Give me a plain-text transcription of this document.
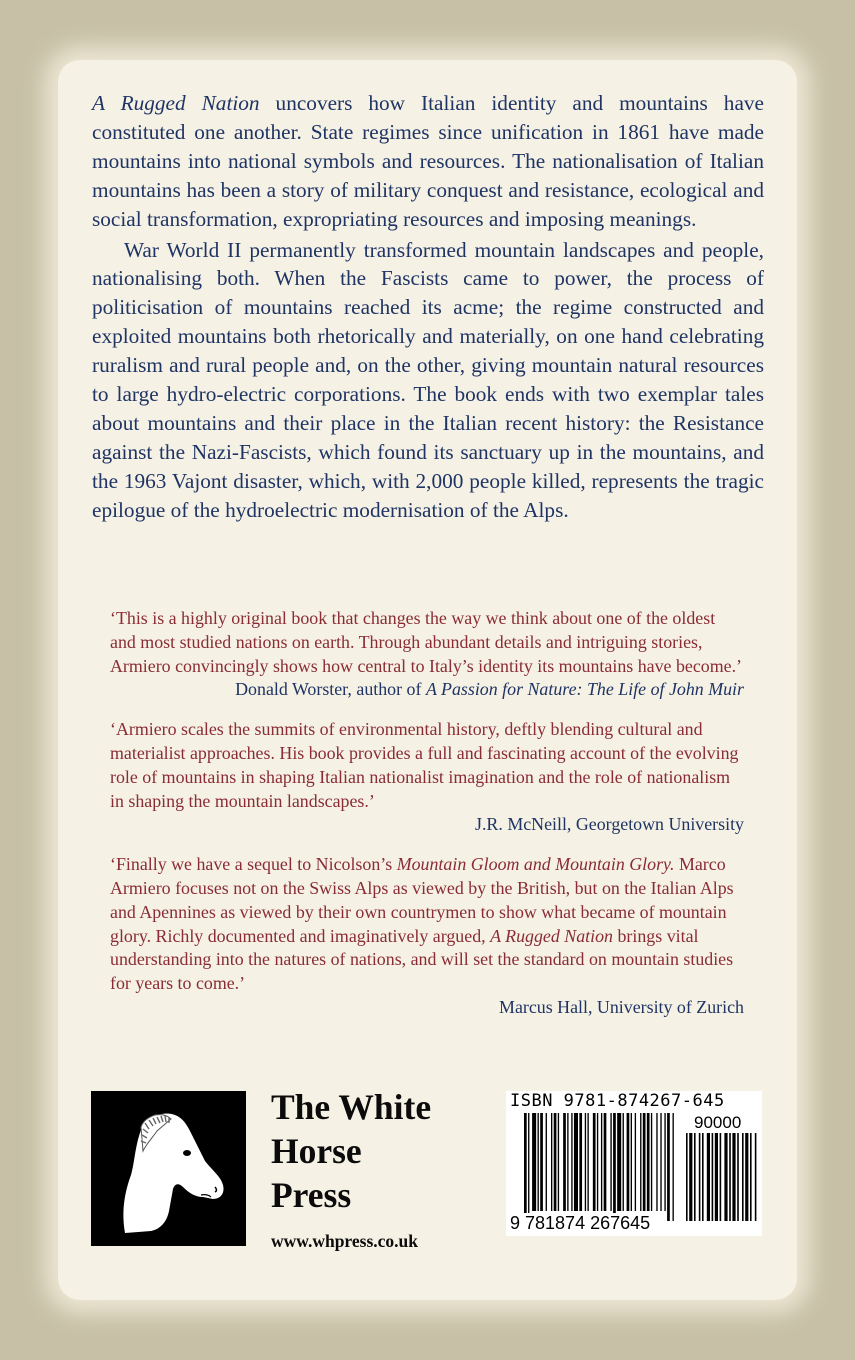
A Rugged Nation uncovers how Italian identity and mountains have constituted one another. State regimes since unification in 1861 have made mountains into national symbols and resources. The nationalisation of Italian mountains has been a story of military conquest and resistance, ecological and social transformation, expropriating resources and imposing meanings.

War World II permanently transformed mountain landscapes and people, nationalising both. When the Fascists came to power, the process of politicisation of mountains reached its acme; the regime constructed and exploited mountains both rhetorically and materially, on one hand celebrating ruralism and rural people and, on the other, giving mountain natural resources to large hydro-electric corporations. The book ends with two exemplar tales about mountains and their place in the Italian recent history: the Resistance against the Nazi-Fascists, which found its sanctuary up in the mountains, and the 1963 Vajont disaster, which, with 2,000 people killed, represents the tragic epilogue of the hydroelectric modernisation of the Alps.

‘This is a highly original book that changes the way we think about one of the oldest and most studied nations on earth. Through abundant details and intriguing stories, Armiero convincingly shows how central to Italy’s identity its mountains have become.’

Donald Worster, author of A Passion for Nature: The Life of John Muir

‘Armiero scales the summits of environmental history, deftly blending cultural and materialist approaches. His book provides a full and fascinating account of the evolving role of mountains in shaping Italian nationalist imagination and the role of nationalism in shaping the mountain landscapes.’

J.R. McNeill, Georgetown University

‘Finally we have a sequel to Nicolson’s Mountain Gloom and Mountain Glory. Marco Armiero focuses not on the Swiss Alps as viewed by the British, but on the Italian Alps and Apennines as viewed by their own countrymen to show what became of mountain glory. Richly documented and imaginatively argued, A Rugged Nation brings vital understanding into the natures of nations, and will set the standard on mountain studies for years to come.’

Marcus Hall, University of Zurich

The White
Horse
Press
www.whpress.co.uk
ISBN 9781-874267-645
90000
9 781874 267645
